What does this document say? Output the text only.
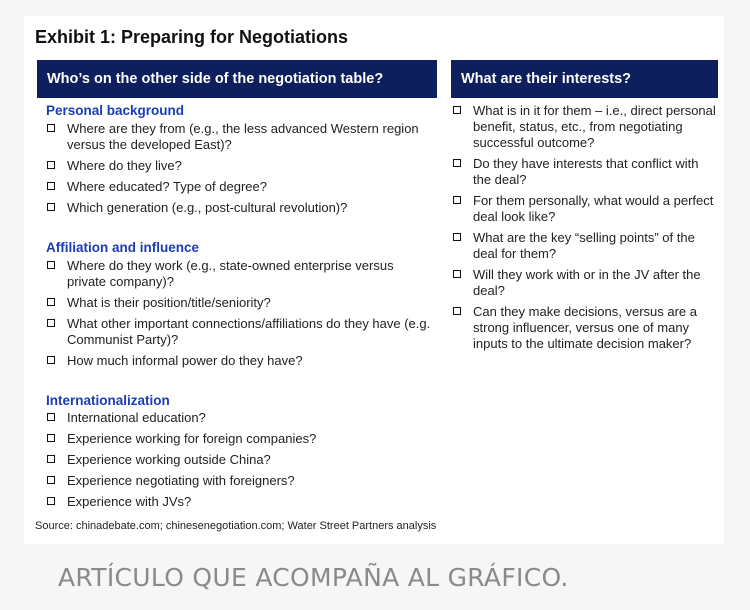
Exhibit 1: Preparing for Negotiations
Who’s on the other side of the negotiation table?	What are their interests?
Personal background
Where are they from (e.g., the less advanced Western region versus the developed East)?
Where do they live?
Where educated? Type of degree?
Which generation (e.g., post-cultural revolution)?
Affiliation and influence
Where do they work (e.g., state-owned enterprise versus private company)?
What is their position/title/seniority?
What other important connections/affiliations do they have (e.g. Communist Party)?
How much informal power do they have?
Internationalization
International education?
Experience working for foreign companies?
Experience working outside China?
Experience negotiating with foreigners?
Experience with JVs?
What is in it for them – i.e., direct personal benefit, status, etc., from negotiating successful outcome?
Do they have interests that conflict with the deal?
For them personally, what would a perfect deal look like?
What are the key “selling points” of the deal for them?
Will they work with or in the JV after the deal?
Can they make decisions, versus are a strong influencer, versus one of many inputs to the ultimate decision maker?
Source: chinadebate.com; chinesenegotiation.com; Water Street Partners analysis
ARTÍCULO QUE ACOMPAÑA AL GRÁFICO.
